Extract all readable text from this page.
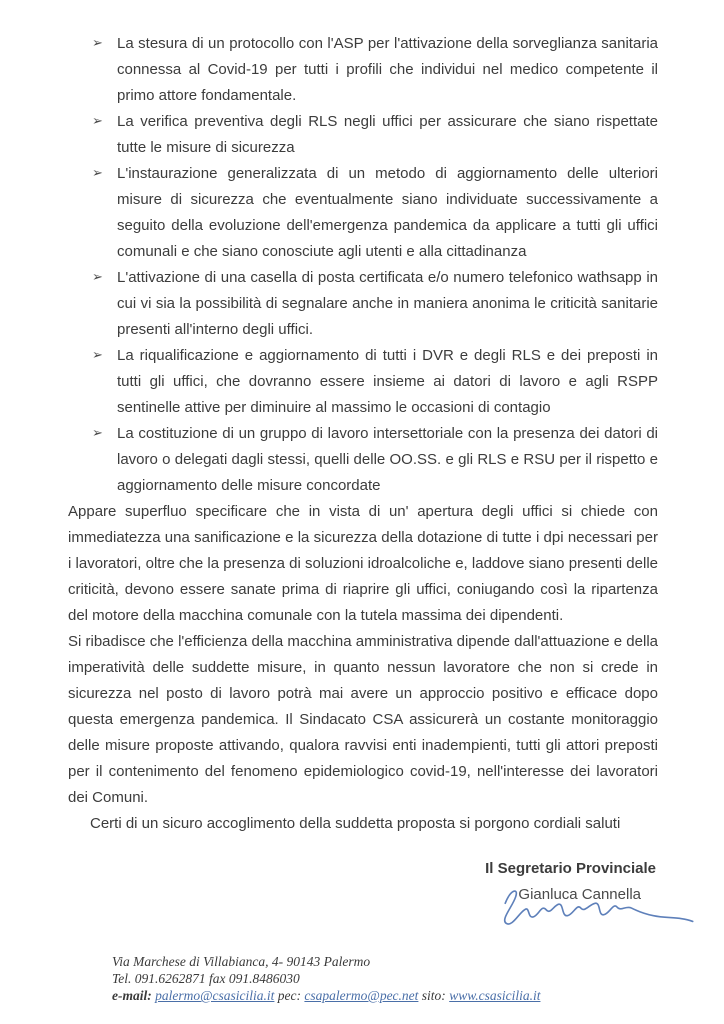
➢ La stesura di un protocollo con l'ASP per l'attivazione della sorveglianza sanitaria connessa al Covid-19 per tutti i profili che individui nel medico competente il primo attore fondamentale.
➢ La verifica preventiva degli RLS negli uffici per assicurare che siano rispettate tutte le misure di sicurezza
➢ L'instaurazione generalizzata di un metodo di aggiornamento delle ulteriori misure di sicurezza che eventualmente siano individuate successivamente a seguito della evoluzione dell'emergenza pandemica da applicare a tutti gli uffici comunali e che siano conosciute agli utenti e alla cittadinanza
➢ L'attivazione di una casella di posta certificata e/o numero telefonico wathsapp in cui vi sia la possibilità di segnalare anche in maniera anonima le criticità sanitarie presenti all'interno degli uffici.
➢ La riqualificazione e aggiornamento di tutti i DVR e degli RLS e dei preposti in tutti gli uffici, che dovranno essere insieme ai datori di lavoro e agli RSPP sentinelle attive per diminuire al massimo le occasioni di contagio
➢ La costituzione di un gruppo di lavoro intersettoriale con la presenza dei datori di lavoro o delegati dagli stessi, quelli delle OO.SS. e gli RLS e RSU per il rispetto e aggiornamento delle misure concordate

Appare superfluo specificare che in vista di un' apertura degli uffici si chiede con immediatezza una sanificazione e la sicurezza della dotazione di tutte i dpi necessari per i lavoratori, oltre che la presenza di soluzioni idroalcoliche e, laddove siano presenti delle criticità, devono essere sanate prima di riaprire gli uffici, coniugando così la ripartenza del motore della macchina comunale con la tutela massima dei dipendenti.

Si ribadisce che l'efficienza della macchina amministrativa dipende dall'attuazione e della imperatività delle suddette misure, in quanto nessun lavoratore che non si crede in sicurezza nel posto di lavoro potrà mai avere un approccio positivo e efficace dopo questa emergenza pandemica. Il Sindacato CSA assicurerà un costante monitoraggio delle misure proposte attivando, qualora ravvisi enti inadempienti, tutti gli attori preposti per il contenimento del fenomeno epidemiologico covid-19, nell'interesse dei lavoratori dei Comuni.

Certi di un sicuro accoglimento della suddetta proposta si porgono cordiali saluti

Il Segretario Provinciale
Gianluca Cannella
Via Marchese di Villabianca, 4- 90143 Palermo
Tel. 091.6262871 fax 091.8486030
e-mail: palermo@csasicilia.it pec: csapalermo@pec.net sito: www.csasicilia.it
